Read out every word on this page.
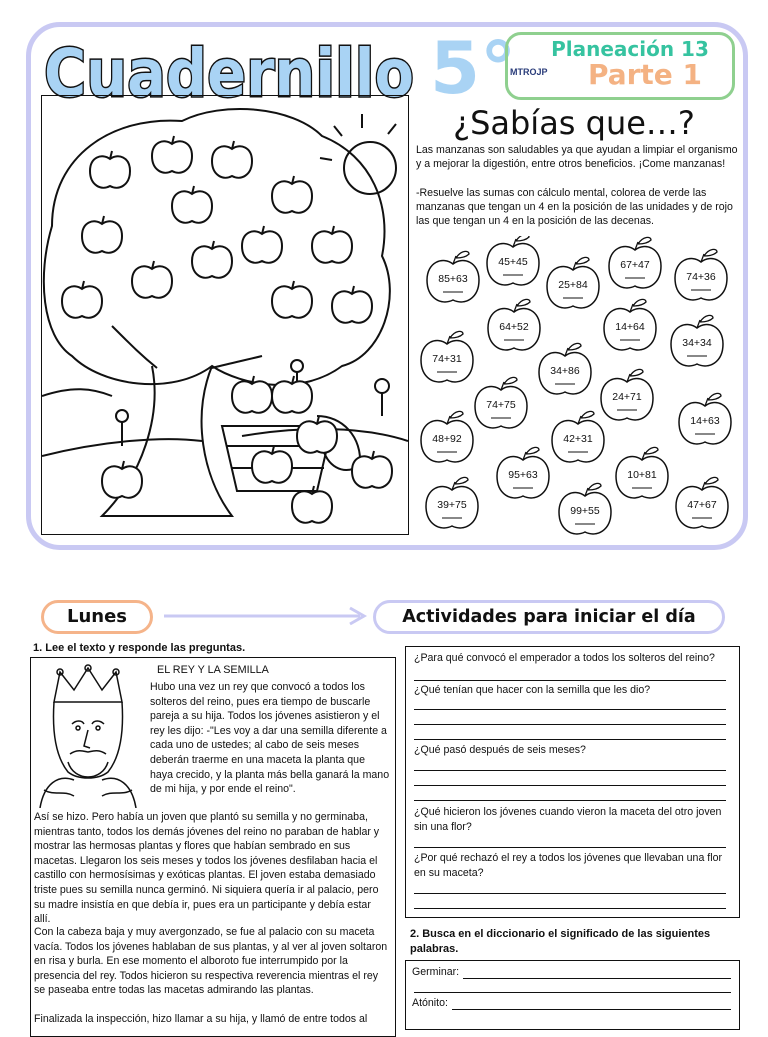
Cuadernillo 5°	Planeación 13
Parte 1
MTROJP
¿Sabías que…?
Las manzanas son saludables ya que ayudan a limpiar el organismo y a mejorar la digestión, entre otros beneficios. ¡Come manzanas!
-Resuelve las sumas con cálculo mental, colorea de verde las manzanas que tengan un 4 en la posición de las unidades y de rojo las que tengan un 4 en la posición de las decenas.
85+63
45+45
25+84
67+47
74+36
64+52	14+64
34+34
74+31
34+86
74+75
24+71
14+63
48+92	42+31
95+63	10+81
39+75	99+55	47+67
Lunes	Actividades para iniciar el día
1. Lee el texto y responde las preguntas.
EL REY Y LA SEMILLA
Hubo una vez un rey que convocó a todos los solteros del reino, pues era tiempo de buscarle pareja a su hija. Todos los jóvenes asistieron y el rey les dijo: -"Les voy a dar una semilla diferente a cada uno de ustedes; al cabo de seis meses deberán traerme en una maceta la planta que haya crecido, y la planta más bella ganará la mano de mi hija, y por ende el reino".
Así se hizo. Pero había un joven que plantó su semilla y no germinaba, mientras tanto, todos los demás jóvenes del reino no paraban de hablar y mostrar las hermosas plantas y flores que habían sembrado en sus macetas. Llegaron los seis meses y todos los jóvenes desfilaban hacia el castillo con hermosísimas y exóticas plantas. El joven estaba demasiado triste pues su semilla nunca germinó. Ni siquiera quería ir al palacio, pero su madre insistía en que debía ir, pues era un participante y debía estar allí.
Con la cabeza baja y muy avergonzado, se fue al palacio con su maceta vacía. Todos los jóvenes hablaban de sus plantas, y al ver al joven soltaron en risa y burla. En ese momento el alboroto fue interrumpido por la presencia del rey. Todos hicieron su respectiva reverencia mientras el rey se paseaba entre todas las macetas admirando las plantas.
Finalizada la inspección, hizo llamar a su hija, y llamó de entre todos al
¿Para qué convocó el emperador a todos los solteros del reino?
¿Qué tenían que hacer con la semilla que les dio?
¿Qué pasó después de seis meses?
¿Qué hicieron los jóvenes cuando vieron la maceta del otro joven sin una flor?
¿Por qué rechazó el rey a todos los jóvenes que llevaban una flor en su maceta?
2. Busca en el diccionario el significado de las siguientes palabras.
Germinar:
Atónito:
